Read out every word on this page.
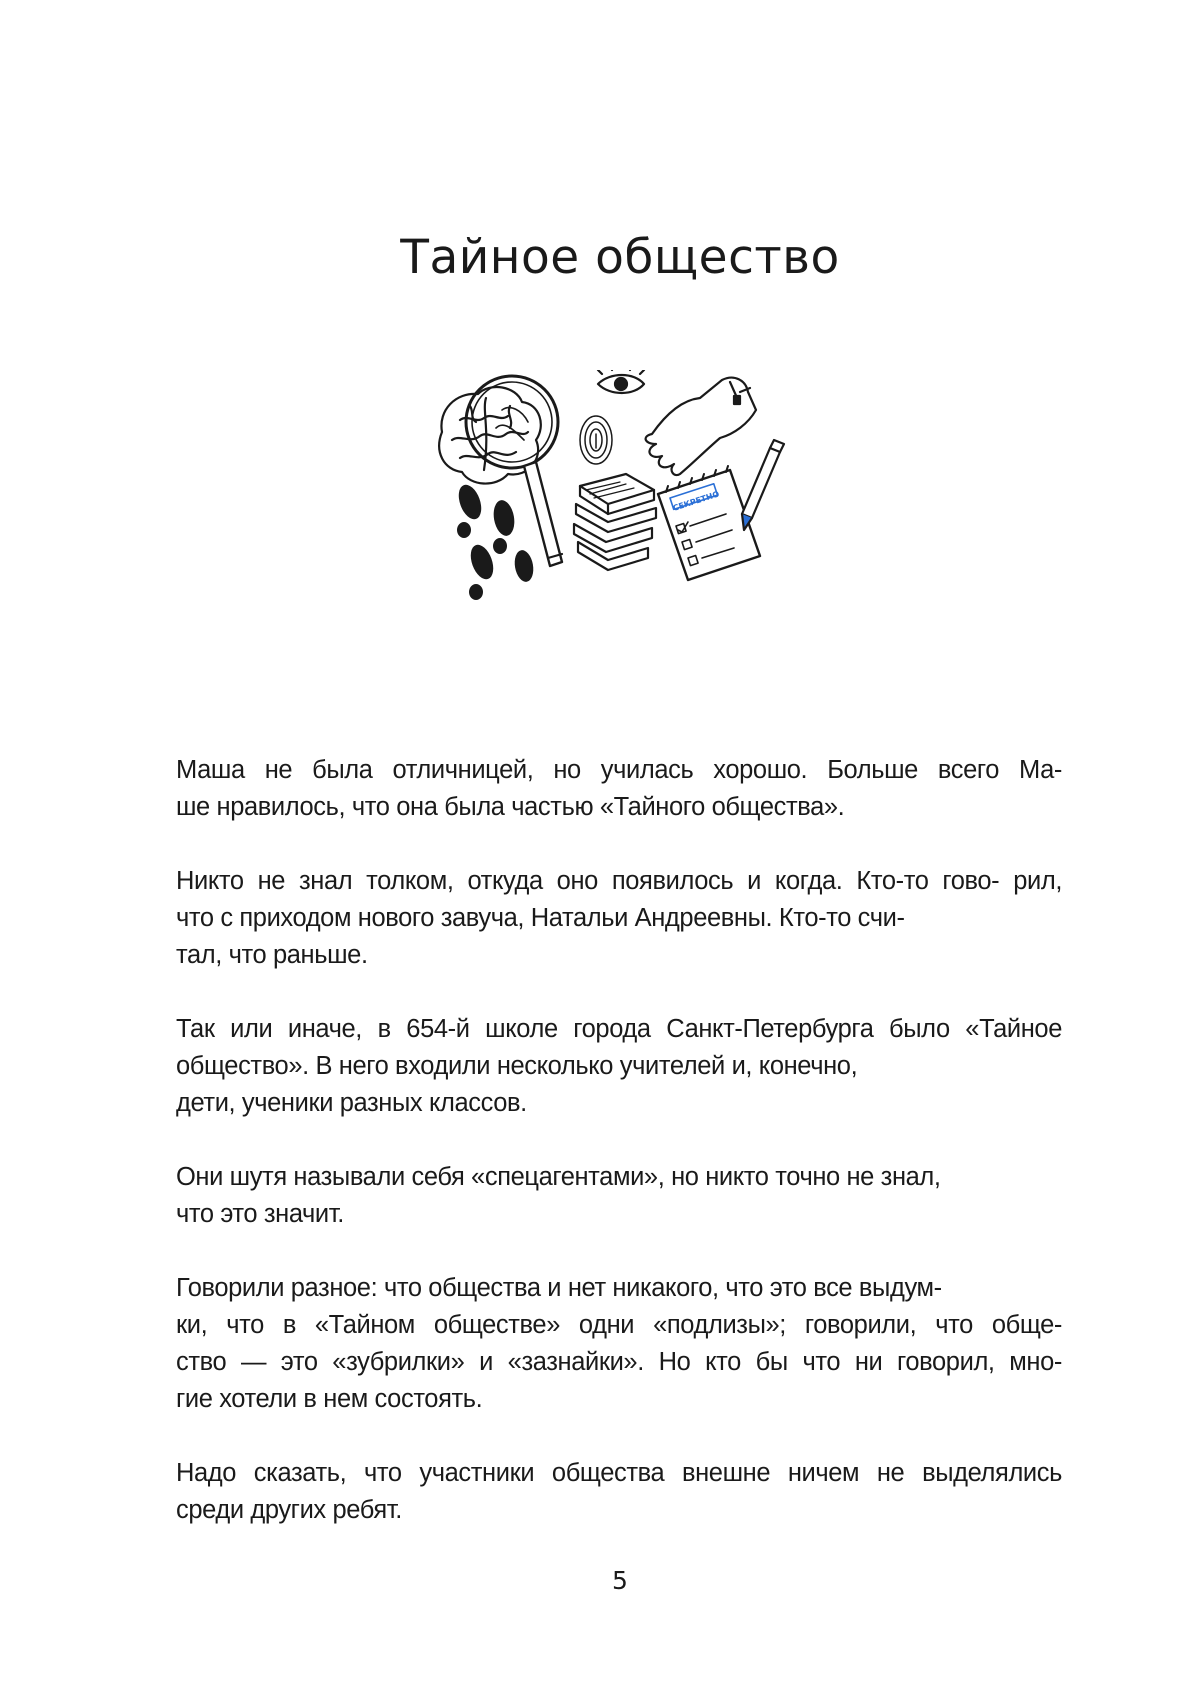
Тайное общество
СЕКРЕТНО

Маша не была отличницей, но училась хорошо. Больше всего Ма-
ше нравилось, что она была частью «Тайного общества».

Никто не знал толком, откуда оно появилось и когда. Кто-то гово- рил,
что с приходом нового завуча, Натальи Андреевны. Кто-то счи-
тал, что раньше.

Так или иначе, в 654-й школе города Санкт-Петербурга было «Тайное
общество». В него входили несколько учителей и, конечно,
дети, ученики разных классов.

Они шутя называли себя «спецагентами», но никто точно не знал,
что это значит.

Говорили разное: что общества и нет никакого, что это все выдум-
ки, что в «Тайном обществе» одни «подлизы»; говорили, что обще-
ство — это «зубрилки» и «зазнайки». Но кто бы что ни говорил, мно-
гие хотели в нем состоять.

Надо сказать, что участники общества внешне ничем не выделялись
среди других ребят.

5
